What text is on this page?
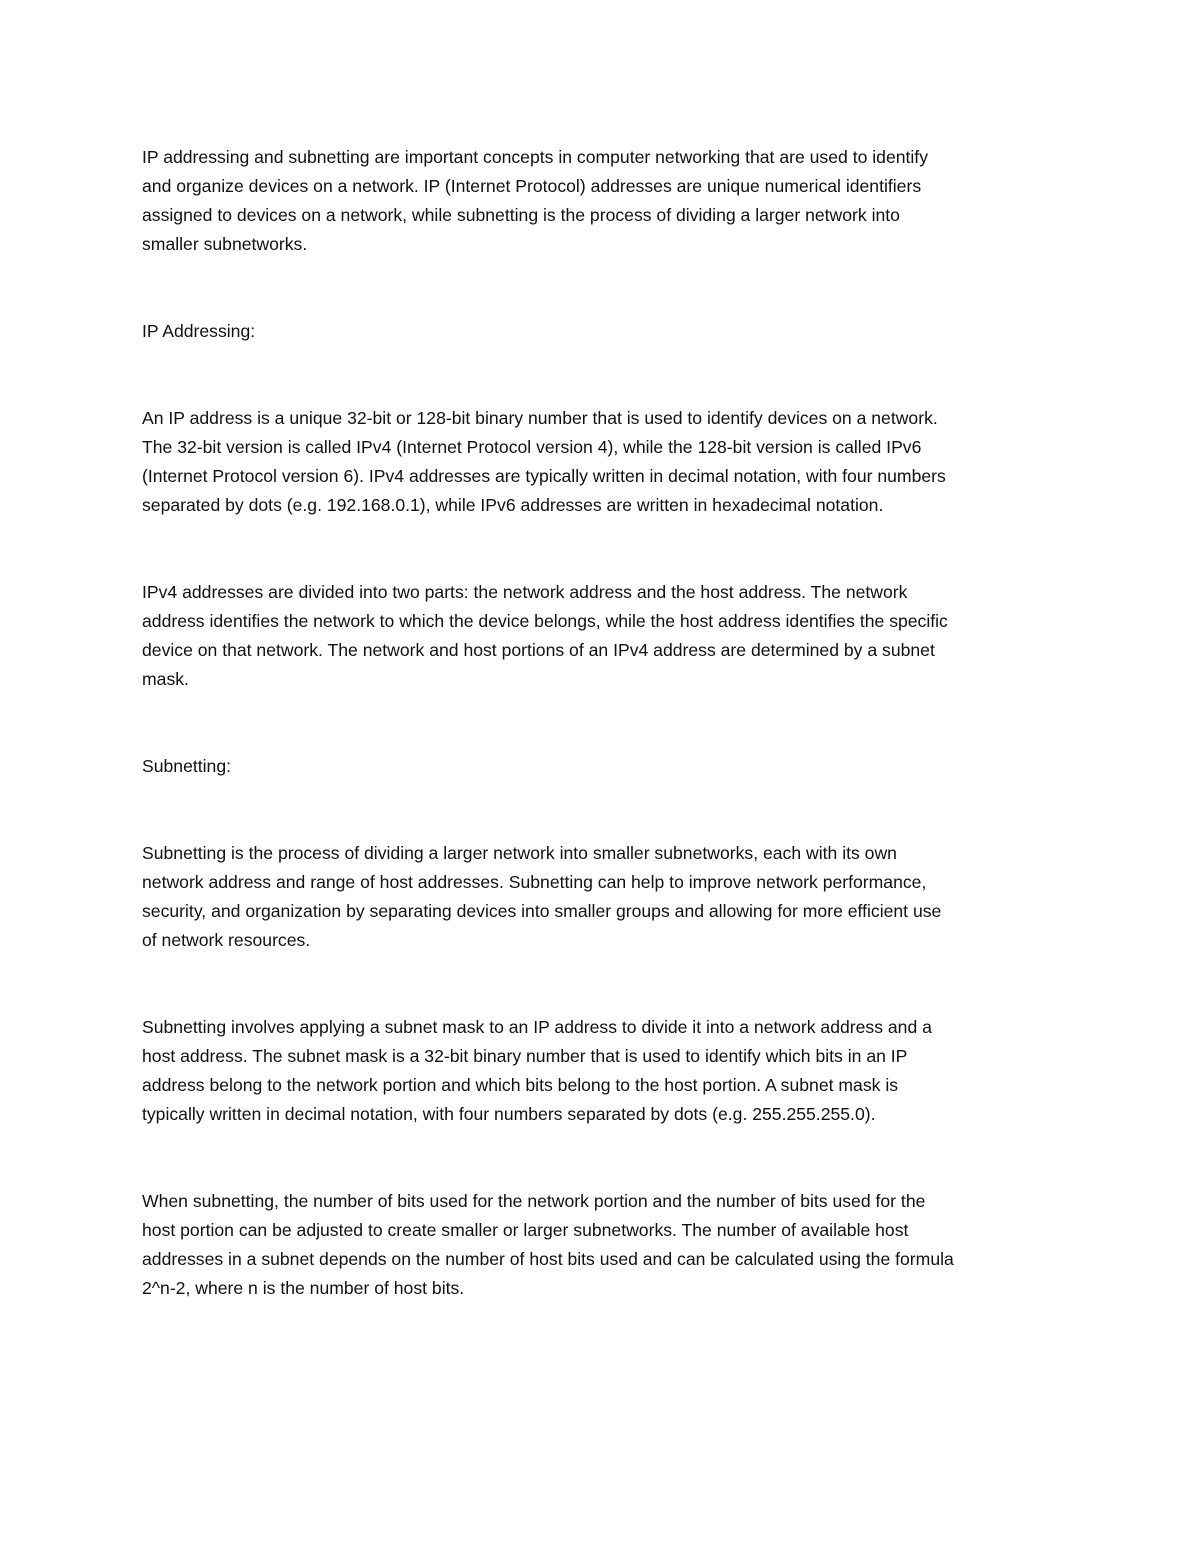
IP addressing and subnetting are important concepts in computer networking that are used to identify
and organize devices on a network. IP (Internet Protocol) addresses are unique numerical identifiers
assigned to devices on a network, while subnetting is the process of dividing a larger network into
smaller subnetworks.

IP Addressing:

An IP address is a unique 32-bit or 128-bit binary number that is used to identify devices on a network.
The 32-bit version is called IPv4 (Internet Protocol version 4), while the 128-bit version is called IPv6
(Internet Protocol version 6). IPv4 addresses are typically written in decimal notation, with four numbers
separated by dots (e.g. 192.168.0.1), while IPv6 addresses are written in hexadecimal notation.

IPv4 addresses are divided into two parts: the network address and the host address. The network
address identifies the network to which the device belongs, while the host address identifies the specific
device on that network. The network and host portions of an IPv4 address are determined by a subnet
mask.

Subnetting:

Subnetting is the process of dividing a larger network into smaller subnetworks, each with its own
network address and range of host addresses. Subnetting can help to improve network performance,
security, and organization by separating devices into smaller groups and allowing for more efficient use
of network resources.

Subnetting involves applying a subnet mask to an IP address to divide it into a network address and a
host address. The subnet mask is a 32-bit binary number that is used to identify which bits in an IP
address belong to the network portion and which bits belong to the host portion. A subnet mask is
typically written in decimal notation, with four numbers separated by dots (e.g. 255.255.255.0).

When subnetting, the number of bits used for the network portion and the number of bits used for the
host portion can be adjusted to create smaller or larger subnetworks. The number of available host
addresses in a subnet depends on the number of host bits used and can be calculated using the formula
2^n-2, where n is the number of host bits.
